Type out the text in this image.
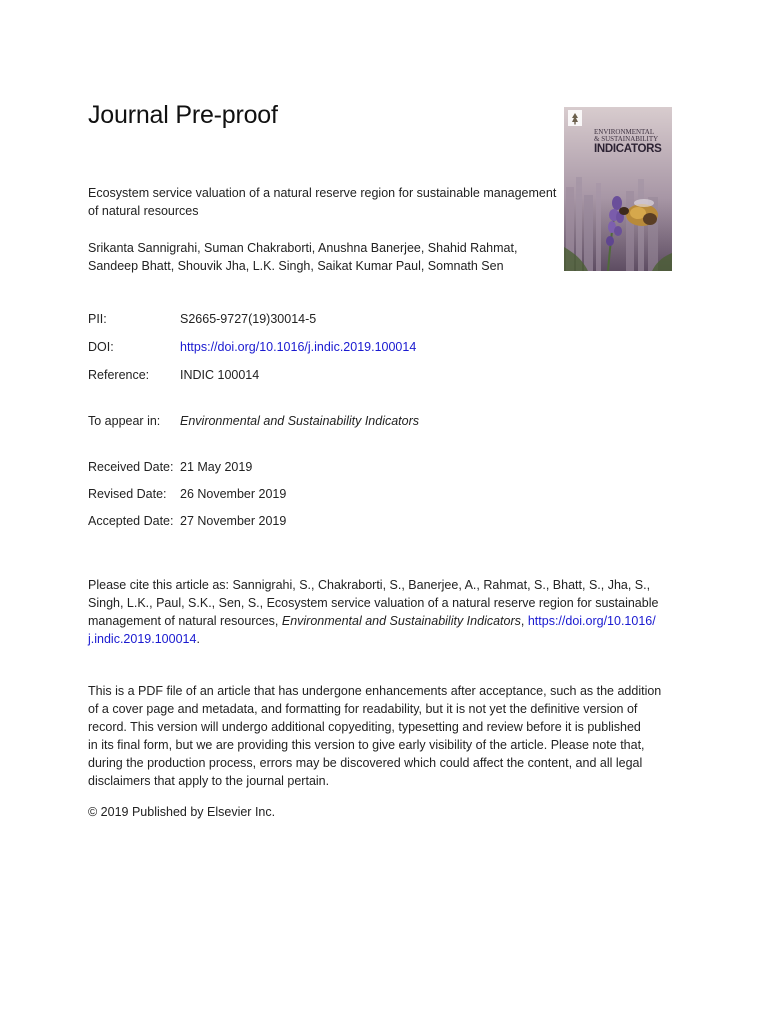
Journal Pre-proof
Ecosystem service valuation of a natural reserve region for sustainable management
of natural resources
Srikanta Sannigrahi, Suman Chakraborti, Anushna Banerjee, Shahid Rahmat,
Sandeep Bhatt, Shouvik Jha, L.K. Singh, Saikat Kumar Paul, Somnath Sen
ENVIRONMENTAL
& SUSTAINABILITY
INDICATORS
PII:	S2665-9727(19)30014-5
DOI:	https://doi.org/10.1016/j.indic.2019.100014
Reference: INDIC 100014
To appear in: Environmental and Sustainability Indicators
Received Date: 21 May 2019
Revised Date: 26 November 2019
Accepted Date: 27 November 2019
Please cite this article as: Sannigrahi, S., Chakraborti, S., Banerjee, A., Rahmat, S., Bhatt, S., Jha, S.,
Singh, L.K., Paul, S.K., Sen, S., Ecosystem service valuation of a natural reserve region for sustainable
management of natural resources, Environmental and Sustainability Indicators, https://doi.org/10.1016/
j.indic.2019.100014.
This is a PDF file of an article that has undergone enhancements after acceptance, such as the addition
of a cover page and metadata, and formatting for readability, but it is not yet the definitive version of
record. This version will undergo additional copyediting, typesetting and review before it is published
in its final form, but we are providing this version to give early visibility of the article. Please note that,
during the production process, errors may be discovered which could affect the content, and all legal
disclaimers that apply to the journal pertain.
© 2019 Published by Elsevier Inc.
